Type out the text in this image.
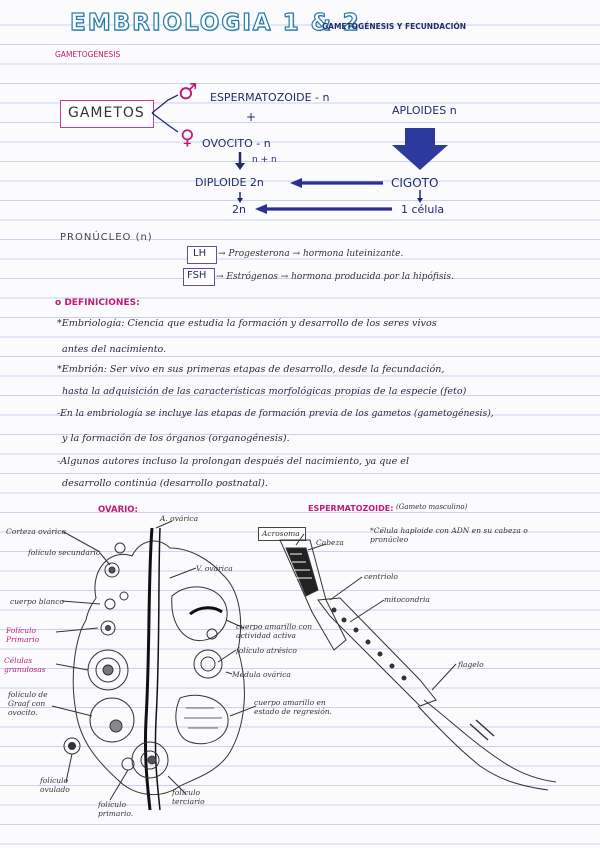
EMBRIOLOGIA 1 & 2
GAMETOGÉNESIS Y FECUNDACIÓN
GAMETOGÉNESIS
GAMETOS
♂
♀
ESPERMATOZOIDE - n
+
OVOCITO - n
n + n
DIPLOIDE 2n
2n
APLOIDES n
CIGOTO
1 célula
PRONÚCLEO (n)
LH → Progesterona → hormona luteinizante.
FSH → Estrógenos → hormona producida por la hipófisis.
o DEFINICIONES:
*Embriología: Ciencia que estudia la formación y desarrollo de los seres vivos
antes del nacimiento.
*Embrión: Ser vivo en sus primeras etapas de desarrollo, desde la fecundación,
hasta la adquisición de las características morfológicas propias de la especie (feto)
-En la embriología se incluye las etapas de formación previa de los gametos (gametogénesis),
y la formación de los órganos (organogénesis).
-Algunos autores incluso la prolongan después del nacimiento, ya que el
desarrollo continúa (desarrollo postnatal).
OVARIO:
Corteza ovárica
folículo secundario
cuerpo blanco
Folículo Primario
Células granulosas
folículo de Graaf con ovocito.
folículo ovulado
folículo primario.
folículo terciario
A. ovárica
V. ovárica
cuerpo amarillo con actividad activa
folículo atrésico
Médula ovárica
cuerpo amarillo en estado de regresión.
ESPERMATOZOIDE: (Gameto masculino)
Acrosoma
Cabeza
*Célula haploide con ADN en su cabeza o pronúcleo
centriolo
mitocondria
flagelo
